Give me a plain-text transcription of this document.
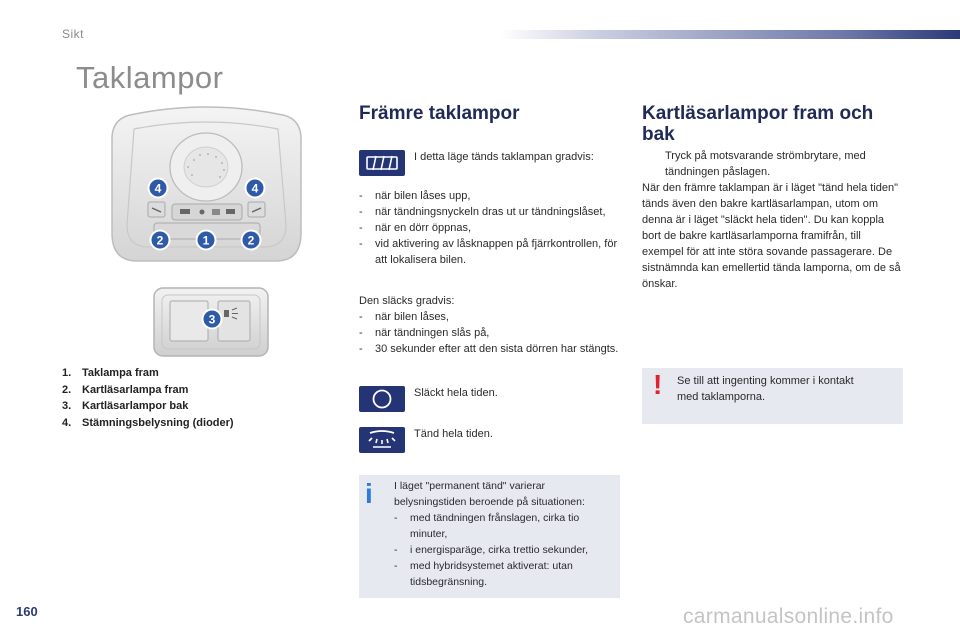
Sikt
Taklampor
1
2	2
4	4
3
1. Taklampa fram
2. Kartläsarlampa fram
3. Kartläsarlampor bak
4. Stämningsbelysning (dioder)
Främre taklampor
I detta läge tänds taklampan gradvis:
- när bilen låses upp,
- när tändningsnyckeln dras ut ur tändningslåset,
- när en dörr öppnas,
- vid aktivering av låsknappen på fjärrkontrollen, för att lokalisera bilen.
Den släcks gradvis:
- när bilen låses,
- när tändningen slås på,
- 30 sekunder efter att den sista dörren har stängts.
Släckt hela tiden.
Tänd hela tiden.
i I läget "permanent tänd" varierar belysningstiden beroende på situationen:
- med tändningen frånslagen, cirka tio minuter,
- i energisparäge, cirka trettio sekunder,
- med hybridsystemet aktiverat: utan tidsbegränsning.
Kartläsarlampor fram och
bak
Tryck på motsvarande strömbrytare, med tändningen påslagen.
När den främre taklampan är i läget "tänd hela tiden" tänds även den bakre kartläsarlampan, utom om denna är i läget "släckt hela tiden". Du kan koppla bort de bakre kartläsarlamporna framifrån, till exempel för att inte störa sovande passagerare. De sistnämnda kan emellertid tända lamporna, om de så önskar.
! Se till att ingenting kommer i kontakt med taklamporna.
160	carmanualsonline.info
